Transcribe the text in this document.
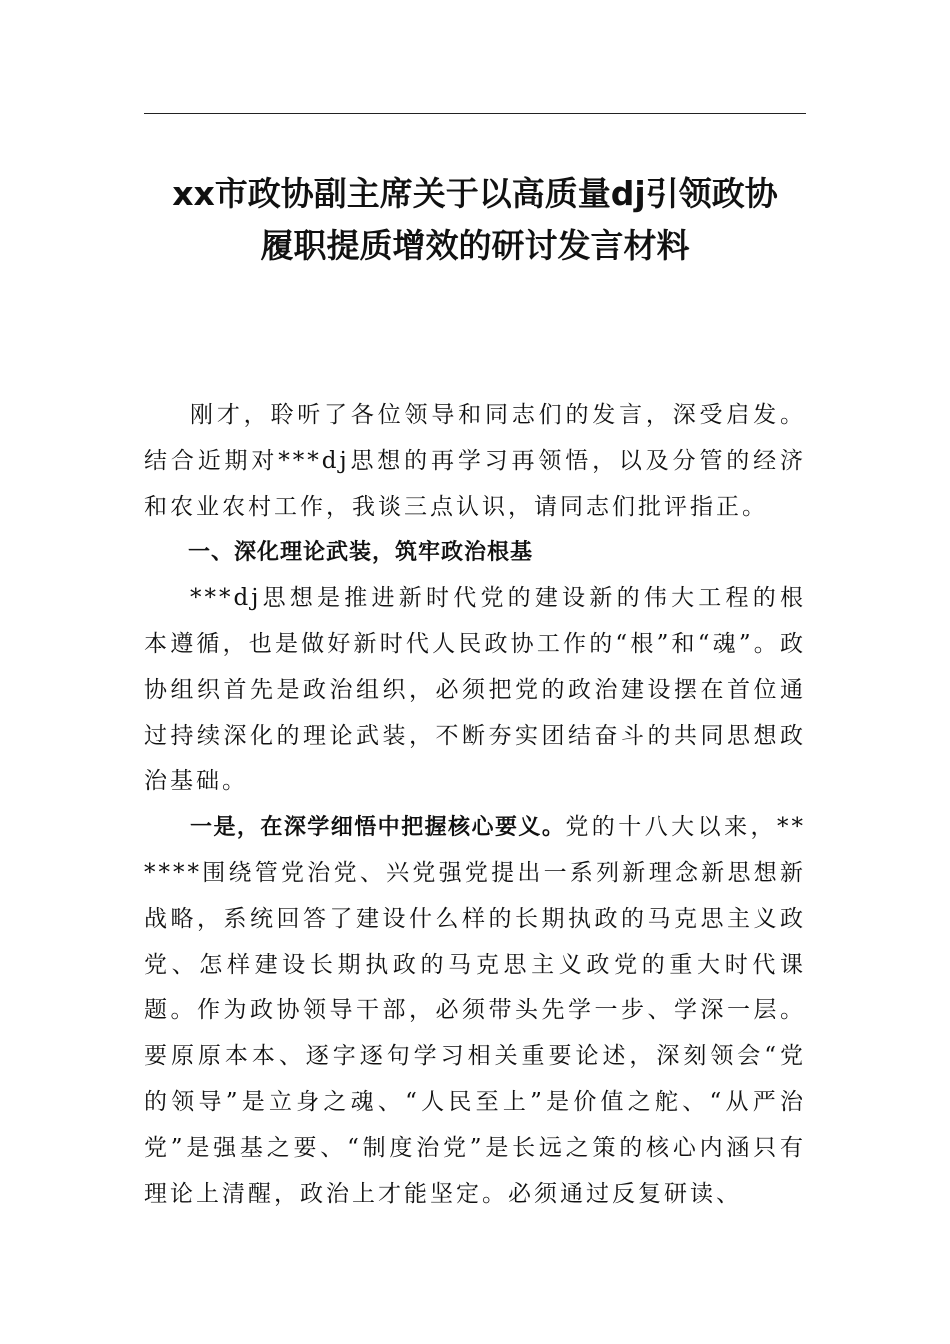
xx市政协副主席关于以高质量dj引领政协
履职提质增效的研讨发言材料

刚才，聆听了各位领导和同志们的发言，深受启发。结合近期对***dj思想的再学习再领悟，以及分管的经济和农业农村工作，我谈三点认识，请同志们批评指正。

一、深化理论武装，筑牢政治根基

***dj思想是推进新时代党的建设新的伟大工程的根本遵循，也是做好新时代人民政协工作的“根”和“魂”。政协组织首先是政治组织，必须把党的政治建设摆在首位通过持续深化的理论武装，不断夯实团结奋斗的共同思想政治基础。

一是，在深学细悟中把握核心要义。党的十八大以来，******围绕管党治党、兴党强党提出一系列新理念新思想新战略，系统回答了建设什么样的长期执政的马克思主义政党、怎样建设长期执政的马克思主义政党的重大时代课题。作为政协领导干部，必须带头先学一步、学深一层。要原原本本、逐字逐句学习相关重要论述，深刻领会“党的领导”是立身之魂、“人民至上”是价值之舵、“从严治党”是强基之要、“制度治党”是长远之策的核心内涵只有理论上清醒，政治上才能坚定。必须通过反复研读、
